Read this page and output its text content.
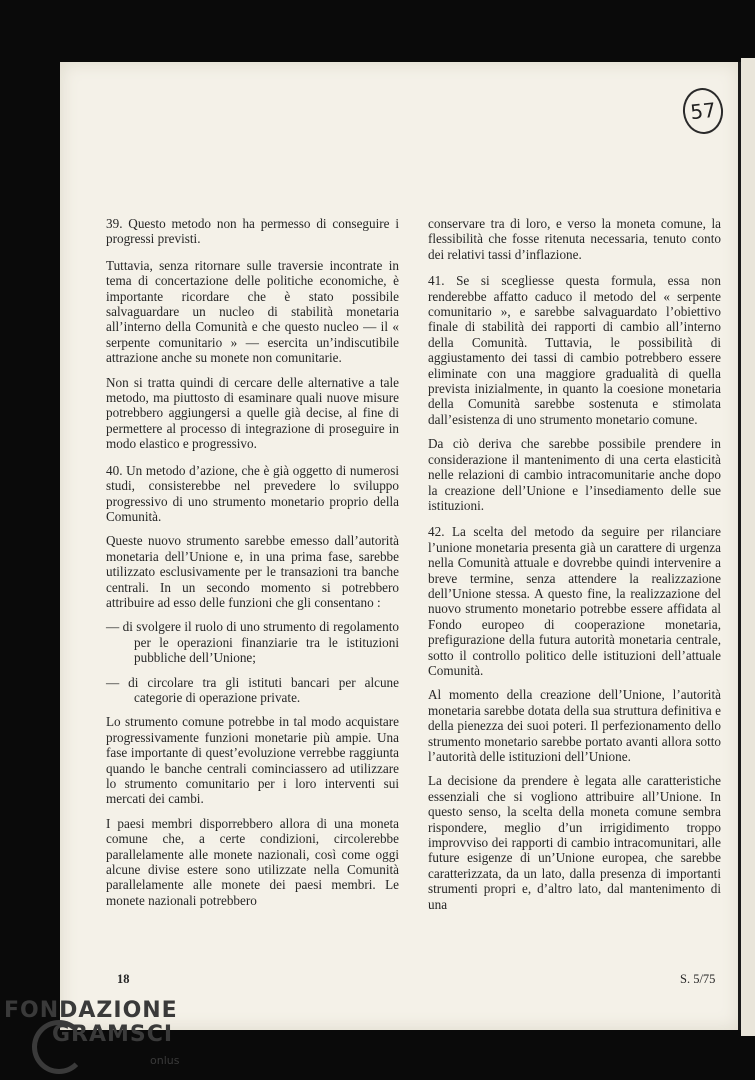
57

39. Questo metodo non ha permesso di conseguire i progressi previsti.

Tuttavia, senza ritornare sulle traversie incontrate in tema di concertazione delle politiche economiche, è importante ricordare che è stato possibile salvaguardare un nucleo di stabilità monetaria all’interno della Comunità e che questo nucleo — il « serpente comunitario » — esercita un’indiscutibile attrazione anche su monete non comunitarie.

Non si tratta quindi di cercare delle alternative a tale metodo, ma piuttosto di esaminare quali nuove misure potrebbero aggiungersi a quelle già decise, al fine di permettere al processo di integrazione di proseguire in modo elastico e progressivo.

40. Un metodo d’azione, che è già oggetto di numerosi studi, consisterebbe nel prevedere lo sviluppo progressivo di uno strumento monetario proprio della Comunità.

Queste nuovo strumento sarebbe emesso dall’autorità monetaria dell’Unione e, in una prima fase, sarebbe utilizzato esclusivamente per le transazioni tra banche centrali. In un secondo momento si potrebbero attribuire ad esso delle funzioni che gli consentano :

— di svolgere il ruolo di uno strumento di regolamento per le operazioni finanziarie tra le istituzioni pubbliche dell’Unione;

— di circolare tra gli istituti bancari per alcune categorie di operazione private.

Lo strumento comune potrebbe in tal modo acquistare progressivamente funzioni monetarie più ampie. Una fase importante di quest’evoluzione verrebbe raggiunta quando le banche centrali cominciassero ad utilizzare lo strumento comunitario per i loro interventi sui mercati dei cambi.

I paesi membri disporrebbero allora di una moneta comune che, a certe condizioni, circolerebbe parallelamente alle monete nazionali, così come oggi alcune divise estere sono utilizzate nella Comunità parallelamente alle monete dei paesi membri. Le monete nazionali potrebbero

conservare tra di loro, e verso la moneta comune, la flessibilità che fosse ritenuta necessaria, tenuto conto dei relativi tassi d’inflazione.

41. Se si scegliesse questa formula, essa non renderebbe affatto caduco il metodo del « serpente comunitario », e sarebbe salvaguardato l’obiettivo finale di stabilità dei rapporti di cambio all’interno della Comunità. Tuttavia, le possibilità di aggiustamento dei tassi di cambio potrebbero essere eliminate con una maggiore gradualità di quella prevista inizialmente, in quanto la coesione monetaria della Comunità sarebbe sostenuta e stimolata dall’esistenza di uno strumento monetario comune.

Da ciò deriva che sarebbe possibile prendere in considerazione il mantenimento di una certa elasticità nelle relazioni di cambio intracomunitarie anche dopo la creazione dell’Unione e l’insediamento delle sue istituzioni.

42. La scelta del metodo da seguire per rilanciare l’unione monetaria presenta già un carattere di urgenza nella Comunità attuale e dovrebbe quindi intervenire a breve termine, senza attendere la realizzazione dell’Unione stessa. A questo fine, la realizzazione del nuovo strumento monetario potrebbe essere affidata al Fondo europeo di cooperazione monetaria, prefigurazione della futura autorità monetaria centrale, sotto il controllo politico delle istituzioni dell’attuale Comunità.

Al momento della creazione dell’Unione, l’autorità monetaria sarebbe dotata della sua struttura definitiva e della pienezza dei suoi poteri. Il perfezionamento dello strumento monetario sarebbe portato avanti allora sotto l’autorità delle istituzioni dell’Unione.

La decisione da prendere è legata alle caratteristiche essenziali che si vogliono attribuire all’Unione. In questo senso, la scelta della moneta comune sembra rispondere, meglio d’un irrigidimento troppo improvviso dei rapporti di cambio intracomunitari, alle future esigenze di un’Unione europea, che sarebbe caratterizzata, da un lato, dalla presenza di importanti strumenti propri e, d’altro lato, dal mantenimento di una

18	S. 5/75
FONDAZIONE
GRAMSCI
onlus
